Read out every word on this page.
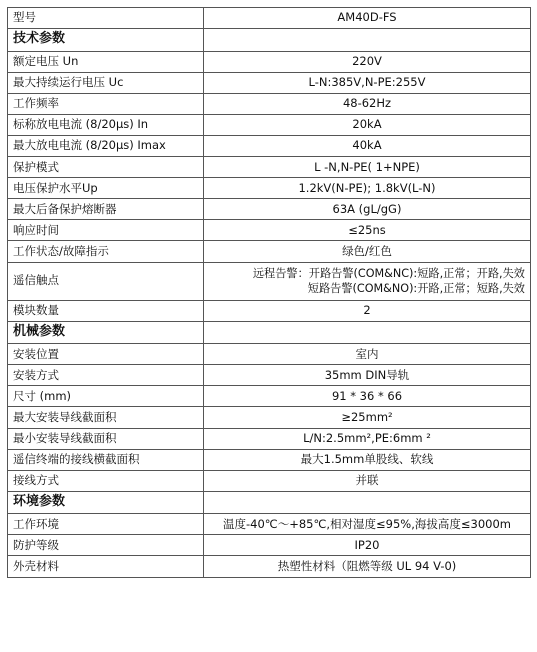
型号	AM40D-FS
技术参数	
额定电压 Un	220V
最大持续运行电压 Uc	L-N:385V,N-PE:255V
工作频率	48-62Hz
标称放电电流 (8/20μs) In	20kA
最大放电电流 (8/20μs) Imax	40kA
保护模式	L -N,N-PE( 1+NPE)
电压保护水平Up	1.2kV(N-PE); 1.8kV(L-N)
最大后备保护熔断器	63A (gL/gG)
响应时间	≤25ns
工作状态/故障指示	绿色/红色
遥信触点	远程告警：开路告警(COM&NC):短路,正常；开路,失效
短路告警(COM&NO):开路,正常；短路,失效

模块数量	2
机械参数	
安装位置	室内
安装方式	35mm DIN导轨
尺寸 (mm)	91 * 36 * 66
最大安装导线截面积	≥25mm²
最小安装导线截面积	L/N:2.5mm²,PE:6mm ²
遥信终端的接线横截面积	最大1.5mm单股线、软线
接线方式	并联
环境参数	
工作环境	温度-40℃～+85℃,相对湿度≤95%,海拔高度≤3000m
防护等级	IP20
外壳材料	热塑性材料（阻燃等级 UL 94 V-0)
